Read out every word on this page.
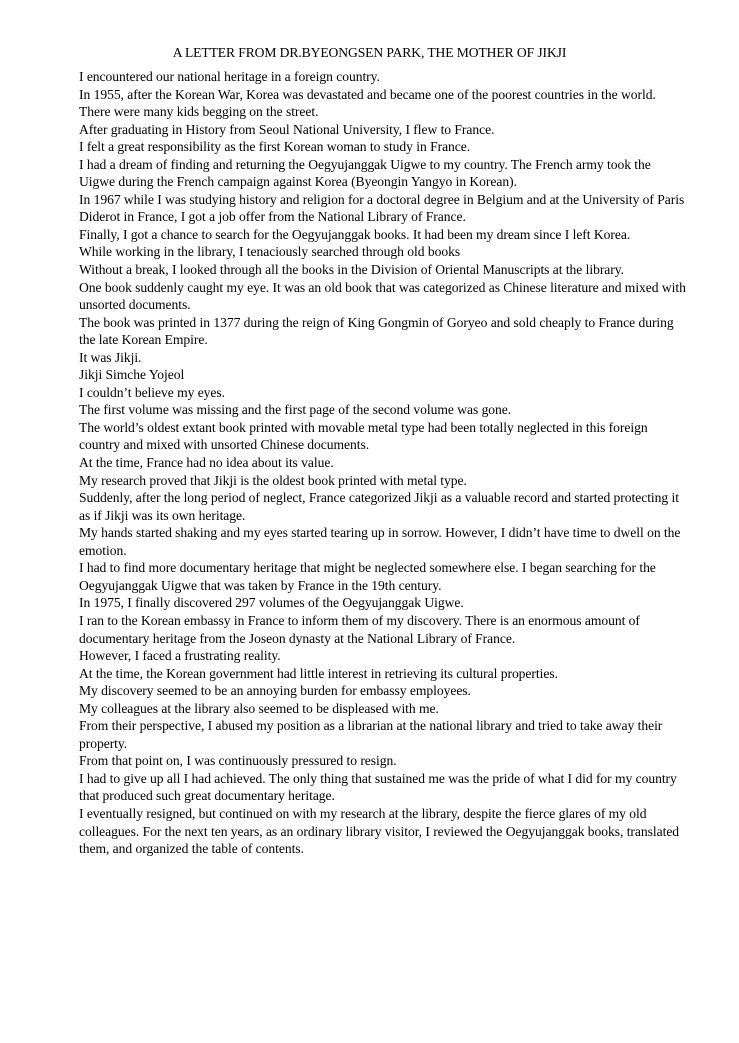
A LETTER FROM DR.BYEONGSEN PARK, THE MOTHER OF JIKJI

I encountered our national heritage in a foreign country.

In 1955, after the Korean War, Korea was devastated and became one of the poorest countries in the world. There were many kids begging on the street.

After graduating in History from Seoul National University, I flew to France.

I felt a great responsibility as the first Korean woman to study in France.

I had a dream of finding and returning the Oegyujanggak Uigwe to my country. The French army took the Uigwe during the French campaign against Korea (Byeongin Yangyo in Korean).

In 1967 while I was studying history and religion for a doctoral degree in Belgium and at the University of Paris Diderot in France, I got a job offer from the National Library of France.

Finally, I got a chance to search for the Oegyujanggak books. It had been my dream since I left Korea.

While working in the library, I tenaciously searched through old books

Without a break, I looked through all the books in the Division of Oriental Manuscripts at the library.

One book suddenly caught my eye. It was an old book that was categorized as Chinese literature and mixed with unsorted documents.

The book was printed in 1377 during the reign of King Gongmin of Goryeo and sold cheaply to France during the late Korean Empire.

It was Jikji.

Jikji Simche Yojeol

I couldn’t believe my eyes.

The first volume was missing and the first page of the second volume was gone.

The world’s oldest extant book printed with movable metal type had been totally neglected in this foreign country and mixed with unsorted Chinese documents.

At the time, France had no idea about its value.

My research proved that Jikji is the oldest book printed with metal type.

Suddenly, after the long period of neglect, France categorized Jikji as a valuable record and started protecting it as if Jikji was its own heritage.

My hands started shaking and my eyes started tearing up in sorrow. However, I didn’t have time to dwell on the emotion.

I had to find more documentary heritage that might be neglected somewhere else. I began searching for the Oegyujanggak Uigwe that was taken by France in the 19th century.

In 1975, I finally discovered 297 volumes of the Oegyujanggak Uigwe.

I ran to the Korean embassy in France to inform them of my discovery. There is an enormous amount of documentary heritage from the Joseon dynasty at the National Library of France.

However, I faced a frustrating reality.

At the time, the Korean government had little interest in retrieving its cultural properties.

My discovery seemed to be an annoying burden for embassy employees.

My colleagues at the library also seemed to be displeased with me.

From their perspective, I abused my position as a librarian at the national library and tried to take away their property.

From that point on, I was continuously pressured to resign.

I had to give up all I had achieved. The only thing that sustained me was the pride of what I did for my country that produced such great documentary heritage.

I eventually resigned, but continued on with my research at the library, despite the fierce glares of my old colleagues. For the next ten years, as an ordinary library visitor, I reviewed the Oegyujanggak books, translated them, and organized the table of contents.
